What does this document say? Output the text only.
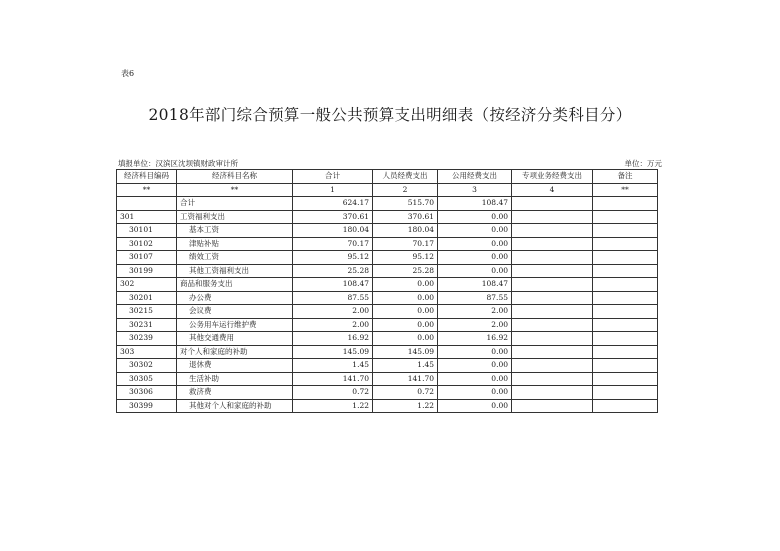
表6
2018年部门综合预算一般公共预算支出明细表（按经济分类科目分）
填报单位：汉滨区沈坝镇财政审计所	单位：万元
经济科目编码	经济科目名称	合计	人员经费支出	公用经费支出	专项业务经费支出	备注
**	**	1	2	3	4	**
	合计	624.17	515.70	108.47		
301	工资福利支出	370.61	370.61	0.00		
30101	基本工资	180.04	180.04	0.00		
30102	津贴补贴	70.17	70.17	0.00		
30107	绩效工资	95.12	95.12	0.00		
30199	其他工资福利支出	25.28	25.28	0.00		
302	商品和服务支出	108.47	0.00	108.47		
30201	办公费	87.55	0.00	87.55		
30215	会议费	2.00	0.00	2.00		
30231	公务用车运行维护费	2.00	0.00	2.00		
30239	其他交通费用	16.92	0.00	16.92		
303	对个人和家庭的补助	145.09	145.09	0.00		
30302	退休费	1.45	1.45	0.00		
30305	生活补助	141.70	141.70	0.00		
30306	救济费	0.72	0.72	0.00		
30399	其他对个人和家庭的补助	1.22	1.22	0.00		
